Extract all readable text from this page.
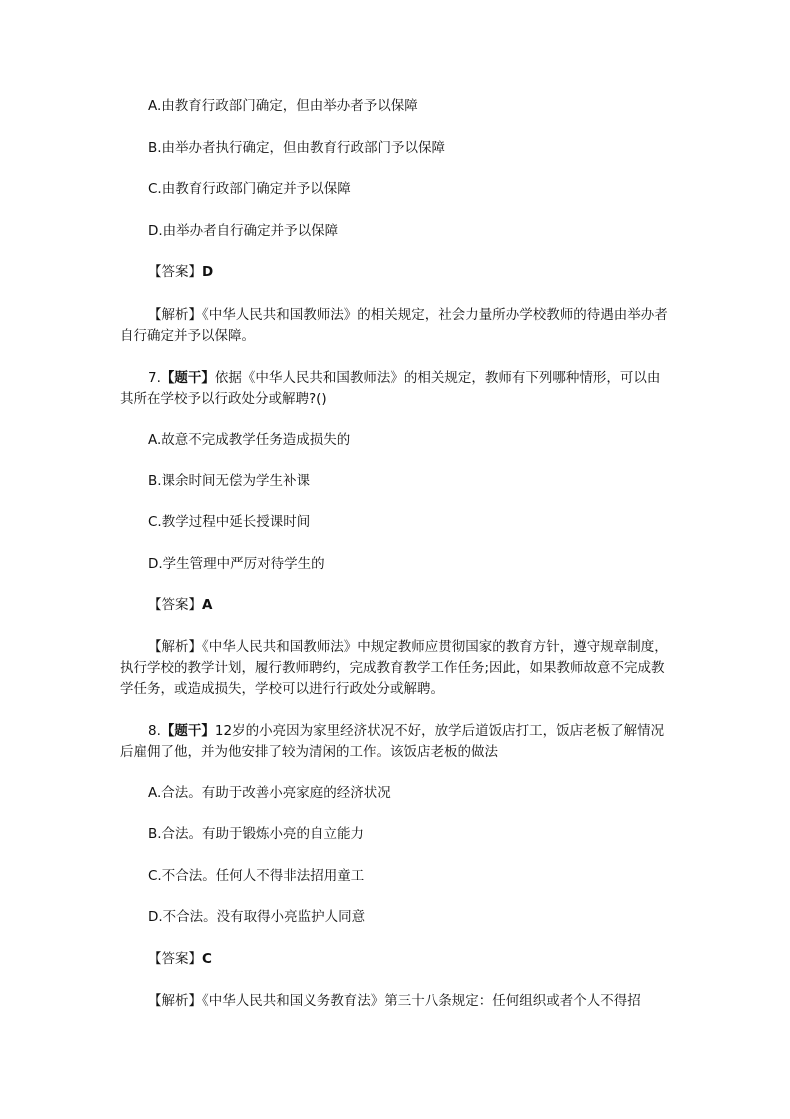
A.由教育行政部门确定，但由举办者予以保障
B.由举办者执行确定，但由教育行政部门予以保障
C.由教育行政部门确定并予以保障
D.由举办者自行确定并予以保障
【答案】D
【解析】《中华人民共和国教师法》的相关规定，社会力量所办学校教师的待遇由举办者自行确定并予以保障。
7.【题干】依据《中华人民共和国教师法》的相关规定，教师有下列哪种情形，可以由其所在学校予以行政处分或解聘?()
A.故意不完成教学任务造成损失的
B.课余时间无偿为学生补课
C.教学过程中延长授课时间
D.学生管理中严厉对待学生的
【答案】A
【解析】《中华人民共和国教师法》中规定教师应贯彻国家的教育方针，遵守规章制度，执行学校的教学计划，履行教师聘约，完成教育教学工作任务;因此，如果教师故意不完成教学任务，或造成损失，学校可以进行行政处分或解聘。
8.【题干】12岁的小亮因为家里经济状况不好，放学后道饭店打工，饭店老板了解情况后雇佣了他，并为他安排了较为清闲的工作。该饭店老板的做法
A.合法。有助于改善小亮家庭的经济状况
B.合法。有助于锻炼小亮的自立能力
C.不合法。任何人不得非法招用童工
D.不合法。没有取得小亮监护人同意
【答案】C
【解析】《中华人民共和国义务教育法》第三十八条规定：任何组织或者个人不得招
